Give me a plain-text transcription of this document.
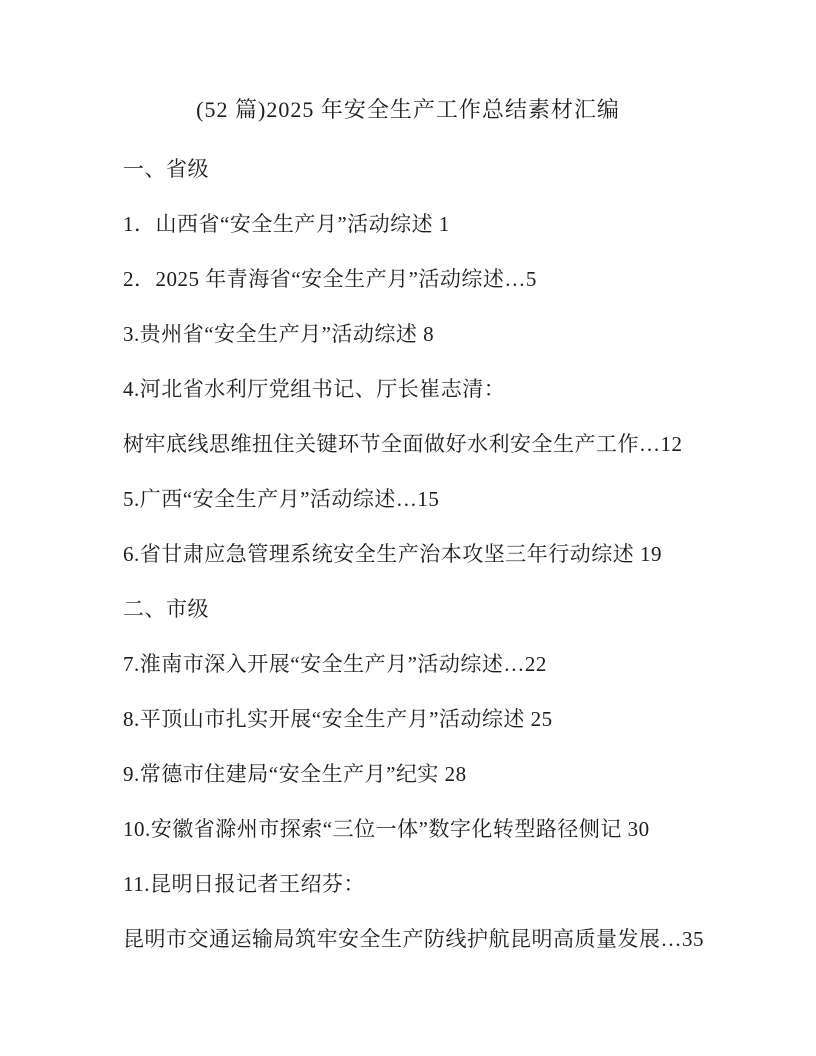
(52 篇)2025 年安全生产工作总结素材汇编

一、省级

1．山西省“安全生产月”活动综述 1

2．2025 年青海省“安全生产月”活动综述…5

3.贵州省“安全生产月”活动综述 8

4.河北省水利厅党组书记、厅长崔志清：

树牢底线思维扭住关键环节全面做好水利安全生产工作…12

5.广西“安全生产月”活动综述…15

6.省甘肃应急管理系统安全生产治本攻坚三年行动综述 19

二、市级

7.淮南市深入开展“安全生产月”活动综述…22

8.平顶山市扎实开展“安全生产月”活动综述 25

9.常德市住建局“安全生产月”纪实 28

10.安徽省滁州市探索“三位一体”数字化转型路径侧记 30

11.昆明日报记者王绍芬：

昆明市交通运输局筑牢安全生产防线护航昆明高质量发展…35
